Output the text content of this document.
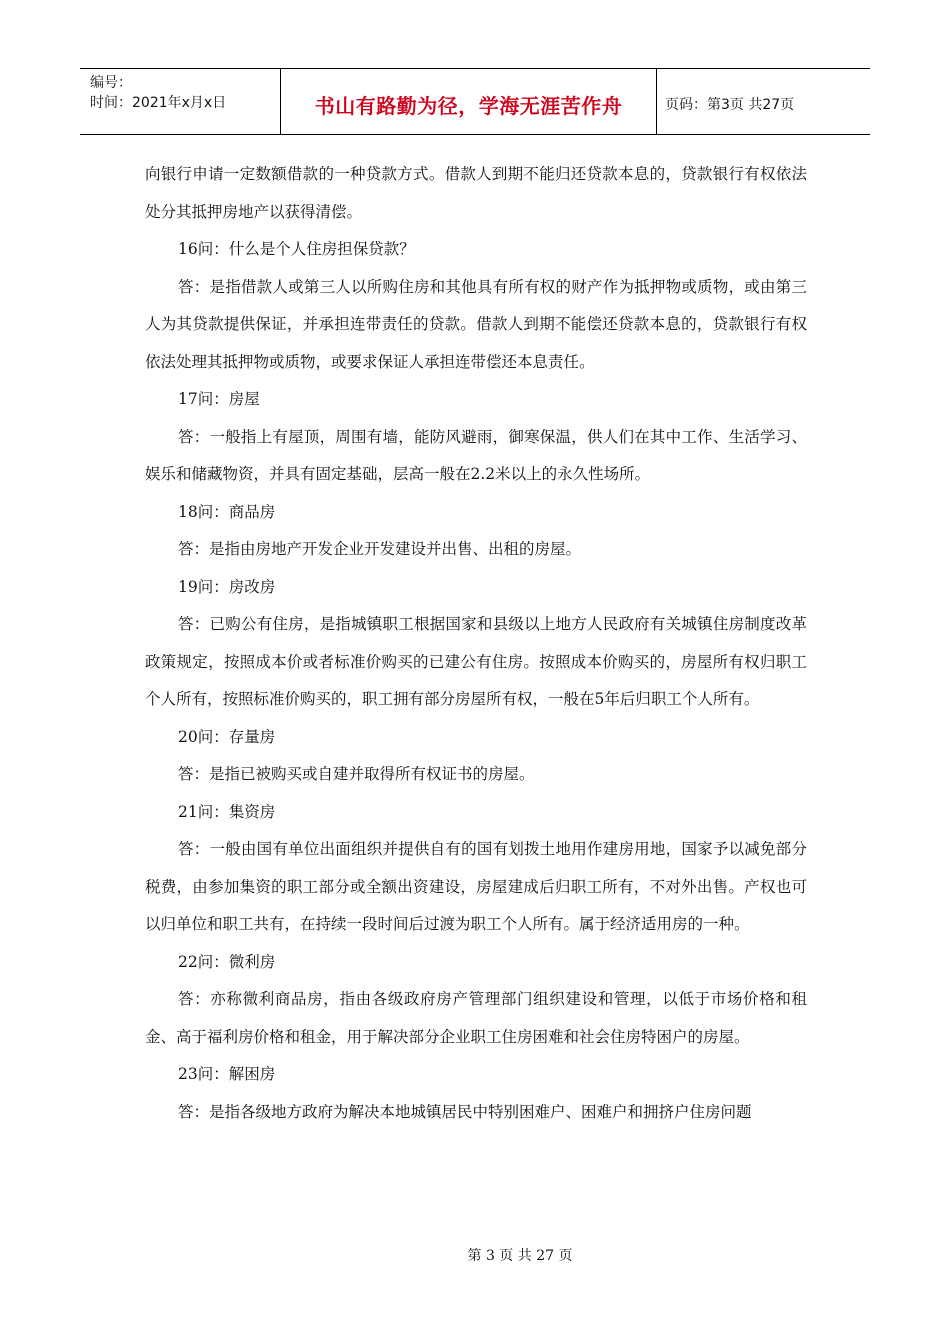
编号：
时间：2021年x月x日	书山有路勤为径，学海无涯苦作舟	页码：第3页 共27页

向银行申请一定数额借款的一种贷款方式。借款人到期不能归还贷款本息的，贷款银行有权依法处分其抵押房地产以获得清偿。

16问：什么是个人住房担保贷款？

答：是指借款人或第三人以所购住房和其他具有所有权的财产作为抵押物或质物，或由第三人为其贷款提供保证，并承担连带责任的贷款。借款人到期不能偿还贷款本息的，贷款银行有权依法处理其抵押物或质物，或要求保证人承担连带偿还本息责任。

17问：房屋

答：一般指上有屋顶，周围有墙，能防风避雨，御寒保温，供人们在其中工作、生活学习、娱乐和储藏物资，并具有固定基础，层高一般在2.2米以上的永久性场所。

18问：商品房

答：是指由房地产开发企业开发建设并出售、出租的房屋。

19问：房改房

答：已购公有住房，是指城镇职工根据国家和县级以上地方人民政府有关城镇住房制度改革政策规定，按照成本价或者标准价购买的已建公有住房。按照成本价购买的，房屋所有权归职工个人所有，按照标准价购买的，职工拥有部分房屋所有权，一般在5年后归职工个人所有。

20问：存量房

答：是指已被购买或自建并取得所有权证书的房屋。

21问：集资房

答：一般由国有单位出面组织并提供自有的国有划拨土地用作建房用地，国家予以减免部分税费，由参加集资的职工部分或全额出资建设，房屋建成后归职工所有，不对外出售。产权也可以归单位和职工共有，在持续一段时间后过渡为职工个人所有。属于经济适用房的一种。

22问：微利房

答：亦称微利商品房，指由各级政府房产管理部门组织建设和管理，以低于市场价格和租金、高于福利房价格和租金，用于解决部分企业职工住房困难和社会住房特困户的房屋。

23问：解困房

答：是指各级地方政府为解决本地城镇居民中特别困难户、困难户和拥挤户住房问题

第 3 页 共 27 页
